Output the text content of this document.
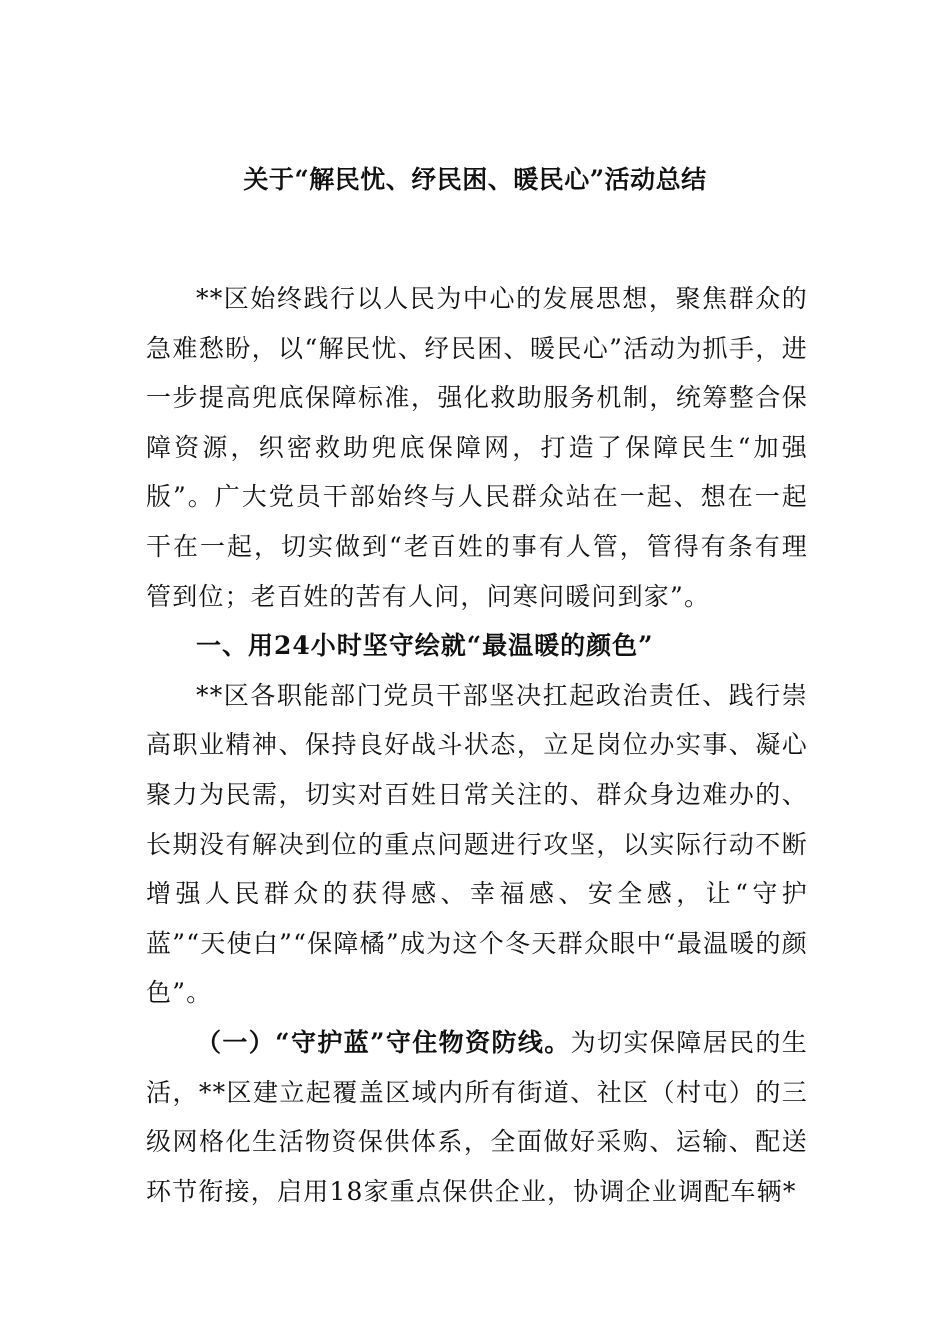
关于“解民忧、纾民困、暖民心”活动总结

**区始终践行以人民为中心的发展思想，聚焦群众的急难愁盼，以“解民忧、纾民困、暖民心”活动为抓手，进一步提高兜底保障标准，强化救助服务机制，统筹整合保障资源，织密救助兜底保障网，打造了保障民生“加强版”。广大党员干部始终与人民群众站在一起、想在一起干在一起，切实做到“老百姓的事有人管，管得有条有理管到位；老百姓的苦有人问，问寒问暖问到家”。

一、用24小时坚守绘就“最温暖的颜色”

**区各职能部门党员干部坚决扛起政治责任、践行崇高职业精神、保持良好战斗状态，立足岗位办实事、凝心聚力为民需，切实对百姓日常关注的、群众身边难办的、长期没有解决到位的重点问题进行攻坚，以实际行动不断增强人民群众的获得感、幸福感、安全感，让“守护蓝”“天使白”“保障橘”成为这个冬天群众眼中“最温暖的颜色”。

（一）“守护蓝”守住物资防线。为切实保障居民的生活，**区建立起覆盖区域内所有街道、社区（村屯）的三级网格化生活物资保供体系，全面做好采购、运输、配送环节衔接，启用18家重点保供企业，协调企业调配车辆*
